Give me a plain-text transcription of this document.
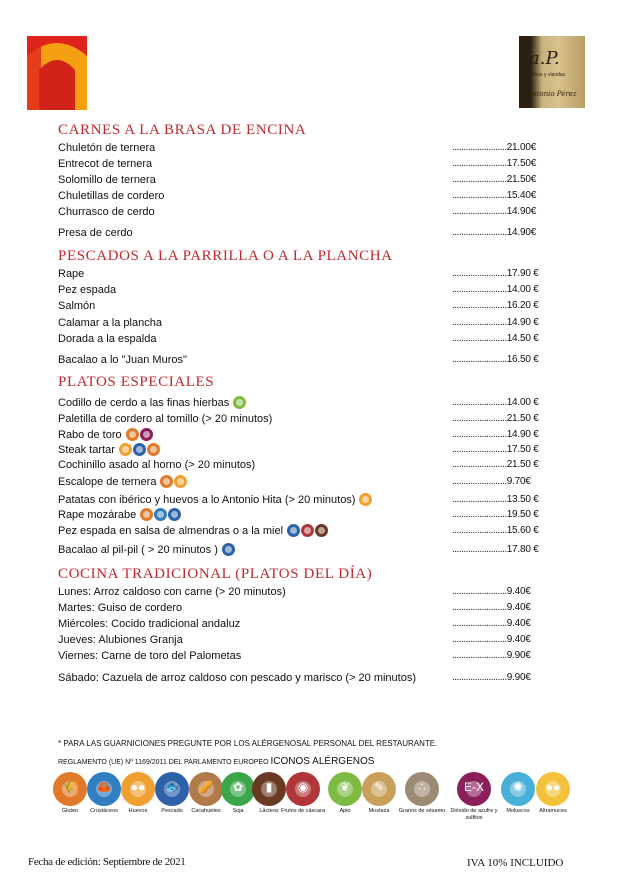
a.P.
vinos y viandas
Antonio Pérez
CARNES A LA BRASA DE ENCINA
Chuletón de ternera	........................21.00€
Entrecot de ternera	........................17.50€
Solomillo de ternera	........................21.50€
Chuletillas de cordero	........................15.40€
Churrasco de cerdo	........................14.90€
Presa de cerdo	........................14.90€
PESCADOS A LA PARRILLA O A LA PLANCHA
Rape	........................17.90 €
Pez espada	........................14.00 €
Salmón	........................16.20 €
Calamar a la plancha	........................14.90 €
Dorada a la espalda	........................14.50 €
Bacalao a lo "Juan Muros"	........................16.50 €
PLATOS ESPECIALES
Codillo de cerdo a las finas hierbas	........................14.00 €
Paletilla de cordero al tomillo (> 20 minutos)	........................21.50 €
Rabo de toro	........................14.90 €
Steak tartar	........................17.50 €
Cochinillo asado al horno (> 20 minutos)	........................21.50 €
Escalope de ternera	........................9.70€
Patatas con ibérico y huevos a lo Antonio Hita (> 20 minutos)	........................13.50 €
Rape mozárabe	........................19.50 €
Pez espada en salsa de almendras o a la miel	........................15.60 €
Bacalao al pil-pil ( > 20 minutos )	........................17.80 €
COCINA TRADICIONAL (PLATOS DEL DÍA)
Lunes: Arroz caldoso con carne (> 20 minutos)	........................9.40€
Martes: Guiso de cordero	........................9.40€
Miércoles: Cocido tradicional andaluz	........................9.40€
Jueves: Alubiones Granja	........................9.40€
Viernes: Carne de toro del Palometas	........................9.90€
Sábado: Cazuela de arroz caldoso con pescado y marisco (> 20 minutos)	........................9.90€
* PARA LAS GUARNICIONES PREGUNTE POR LOS ALÉRGENOSAL PERSONAL DEL RESTAURANTE.
REGLAMENTO (UE) Nº 1169/2011 DEL PARLAMENTO EUROPEO ICONOS ALÉRGENOS
🌾
Gluten
🦀
Crustáceos
●●
Huevos
🐟
Pescado
🥜
Cacahuetes
✿
Soja
▮
Lácteos
◉
Frutos de cáscara
❦
Apio
✎
Mostaza
∴
Granos de sésamo
E-X
Dióxido de azufre y sulfitos
✺
Moluscos
●●
Altramuces
Fecha de edición: Septiembre de 2021	IVA 10% INCLUIDO
